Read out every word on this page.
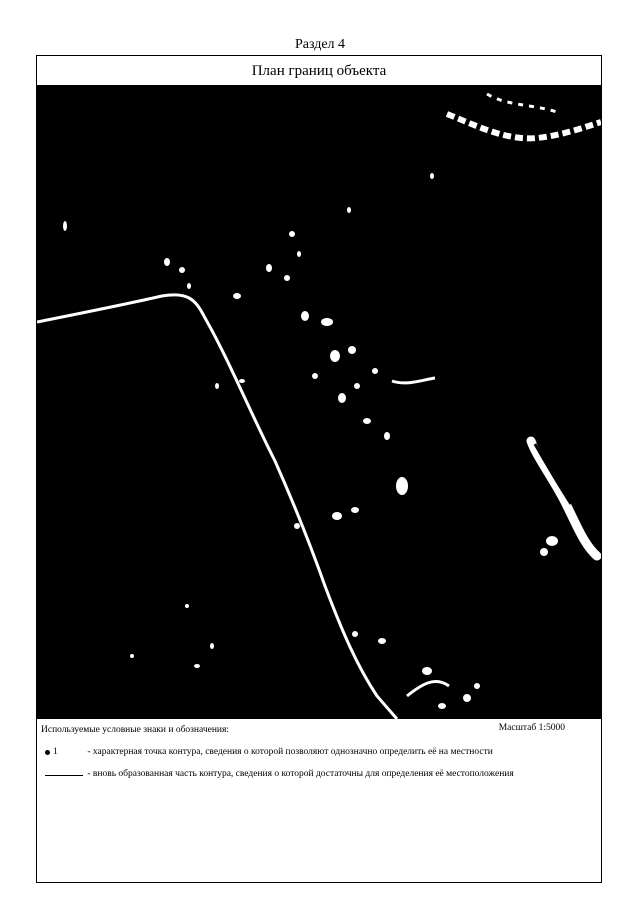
Раздел 4
План границ объекта
Используемые условные знаки и обозначения:	Масштаб 1:5000
1	- характерная точка контура, сведения о которой позволяют однозначно определить её на местности
- вновь образованная часть контура, сведения о которой достаточны для определения её местоположения
